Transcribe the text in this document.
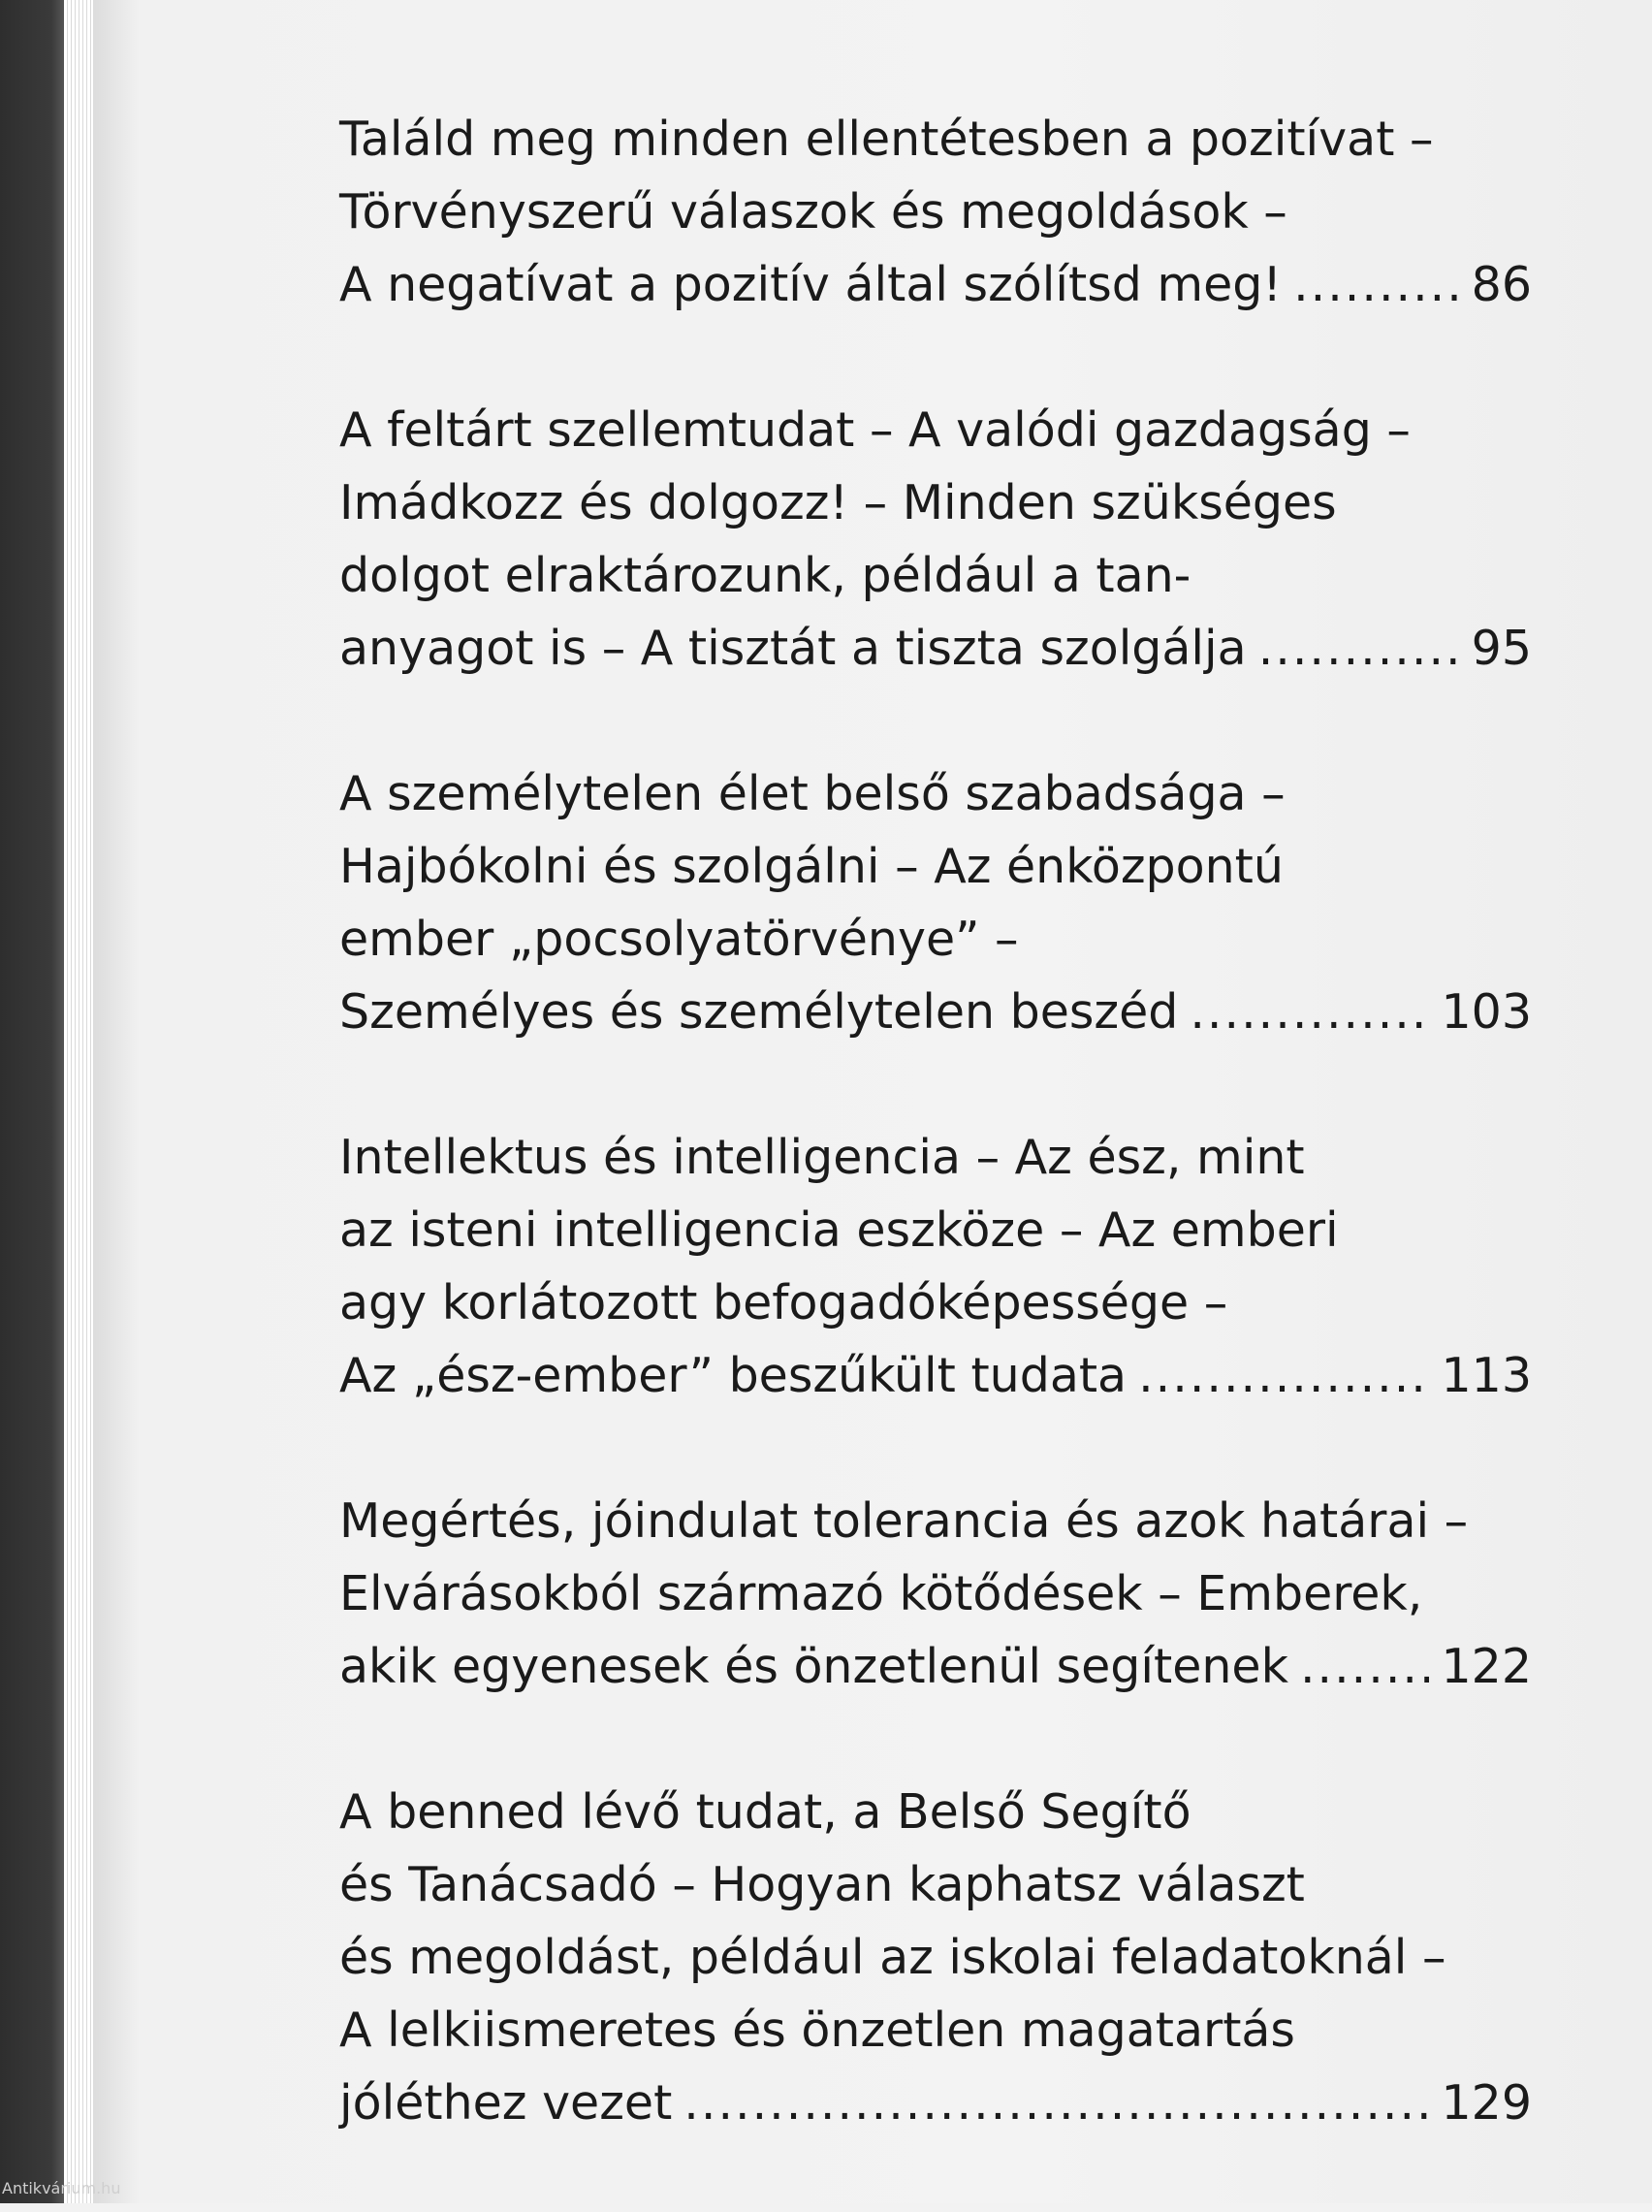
Találd meg minden ellentétesben a pozitívat –
Törvényszerű válaszok és megoldások –
A negatívat a pozitív által szólítsd meg! .....	86
A feltárt szellemtudat – A valódi gazdagság –
Imádkozz és dolgozz! – Minden szükséges
dolgot elraktározunk, például a tan-
anyagot is – A tisztát a tiszta szolgálja .....	95
A személytelen élet belső szabadsága –
Hajbókolni és szolgálni – Az énközpontú
ember „pocsolyatörvénye” –
Személyes és személytelen beszéd .....	103
Intellektus és intelligencia – Az ész, mint
az isteni intelligencia eszköze – Az emberi
agy korlátozott befogadóképessége –
Az „ész-ember” beszűkült tudata .....	113
Megértés, jóindulat tolerancia és azok határai –
Elvárásokból származó kötődések – Emberek,
akik egyenesek és önzetlenül segítenek .....	122
A benned lévő tudat, a Belső Segítő
és Tanácsadó – Hogyan kaphatsz választ
és megoldást, például az iskolai feladatoknál –
A lelkiismeretes és önzetlen magatartás
jóléthez vezet .....	129
Antikvárium.hu
